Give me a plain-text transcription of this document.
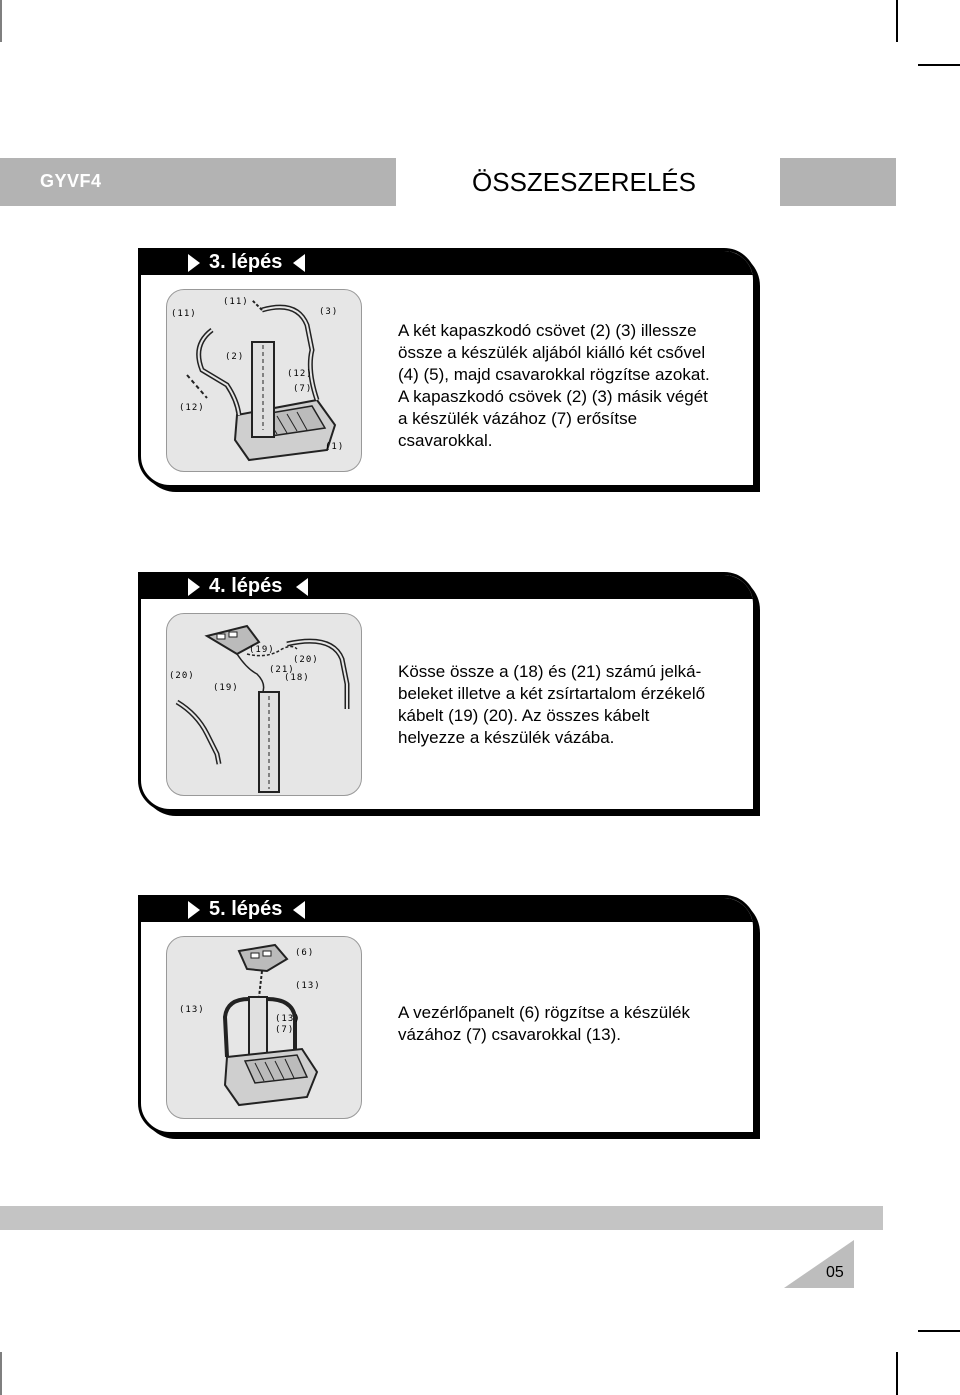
GYVF4	ÖSSZESZERELÉS
3. lépés
(11)
(11)
(3)
(2)
(12)
(7)
(12)
(1)
A két kapaszkodó csövet (2) (3) illessze
össze a készülék aljából kiálló két csővel
(4) (5), majd csavarokkal rögzítse azokat.
A kapaszkodó csövek (2) (3) másik végét
a készülék vázához (7) erősítse
csavarokkal.
4. lépés
(19)
(20)
(20)
(21)
(18)
(19)
Kösse össze a (18) és (21) számú jelká-
beleket illetve a két zsírtartalom érzékelő
kábelt (19) (20). Az összes kábelt
helyezze a készülék vázába.
5. lépés
(6)
(13)
(13)
(13)
(7)
A vezérlőpanelt (6) rögzítse a készülék
vázához (7) csavarokkal (13).
05
